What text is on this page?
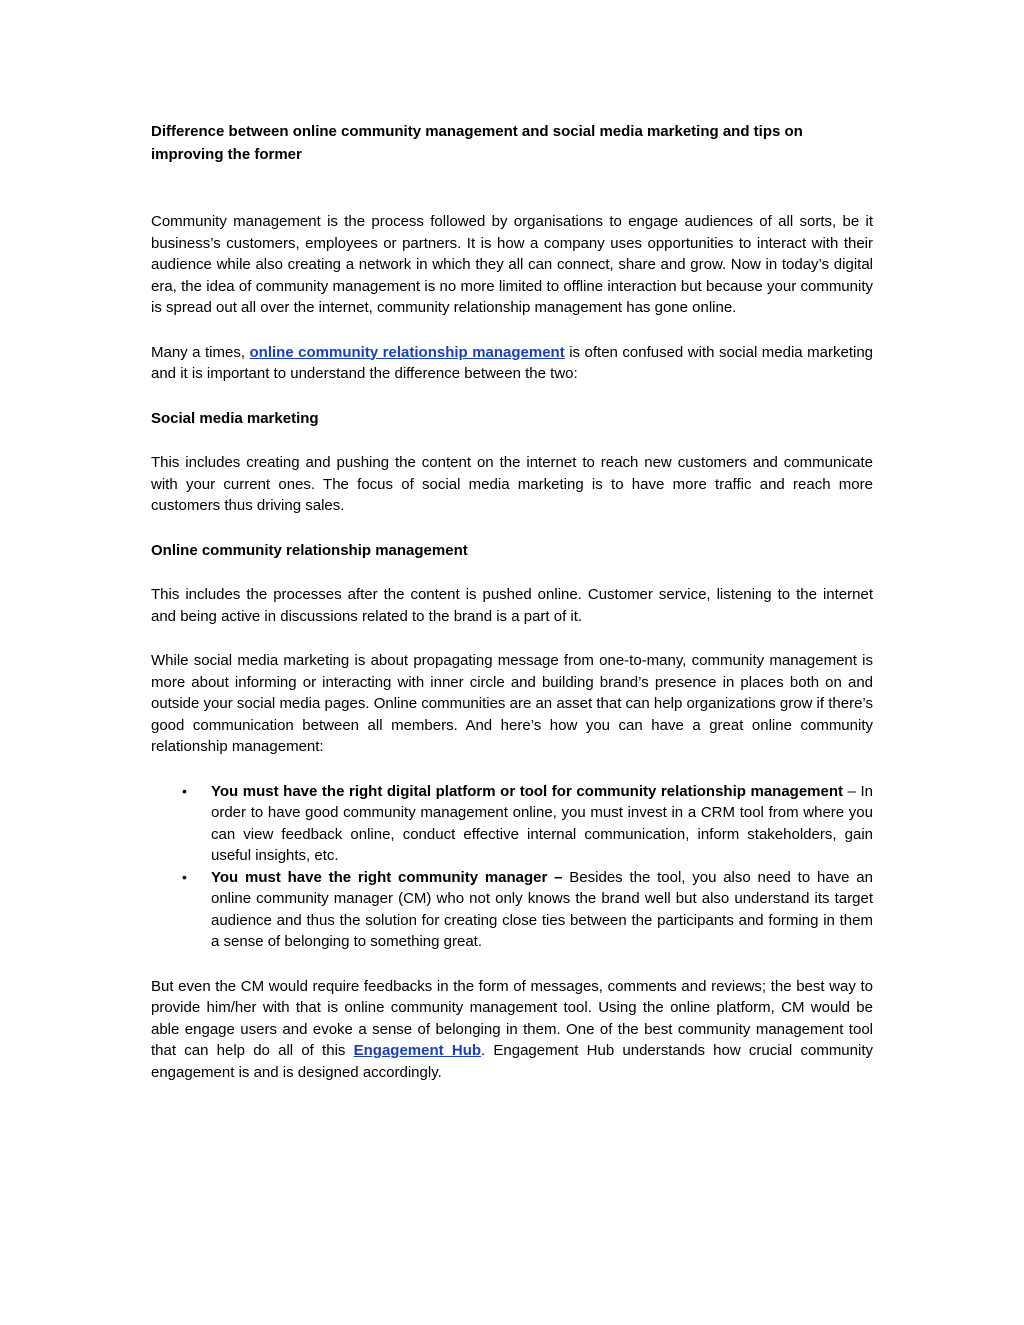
Difference between online community management and social media marketing and tips on improving the former

Community management is the process followed by organisations to engage audiences of all sorts, be it business’s customers, employees or partners. It is how a company uses opportunities to interact with their audience while also creating a network in which they all can connect, share and grow. Now in today’s digital era, the idea of community management is no more limited to offline interaction but because your community is spread out all over the internet, community relationship management has gone online.

Many a times, online community relationship management is often confused with social media marketing and it is important to understand the difference between the two:

Social media marketing

This includes creating and pushing the content on the internet to reach new customers and communicate with your current ones. The focus of social media marketing is to have more traffic and reach more customers thus driving sales.

Online community relationship management

This includes the processes after the content is pushed online. Customer service, listening to the internet and being active in discussions related to the brand is a part of it.

While social media marketing is about propagating message from one-to-many, community management is more about informing or interacting with inner circle and building brand’s presence in places both on and outside your social media pages. Online communities are an asset that can help organizations grow if there’s good communication between all members. And here’s how you can have a great online community relationship management:

• You must have the right digital platform or tool for community relationship management – In order to have good community management online, you must invest in a CRM tool from where you can view feedback online, conduct effective internal communication, inform stakeholders, gain useful insights, etc.
• You must have the right community manager – Besides the tool, you also need to have an online community manager (CM) who not only knows the brand well but also understand its target audience and thus the solution for creating close ties between the participants and forming in them a sense of belonging to something great.

But even the CM would require feedbacks in the form of messages, comments and reviews; the best way to provide him/her with that is online community management tool. Using the online platform, CM would be able engage users and evoke a sense of belonging in them. One of the best community management tool that can help do all of this Engagement Hub. Engagement Hub understands how crucial community engagement is and is designed accordingly.
